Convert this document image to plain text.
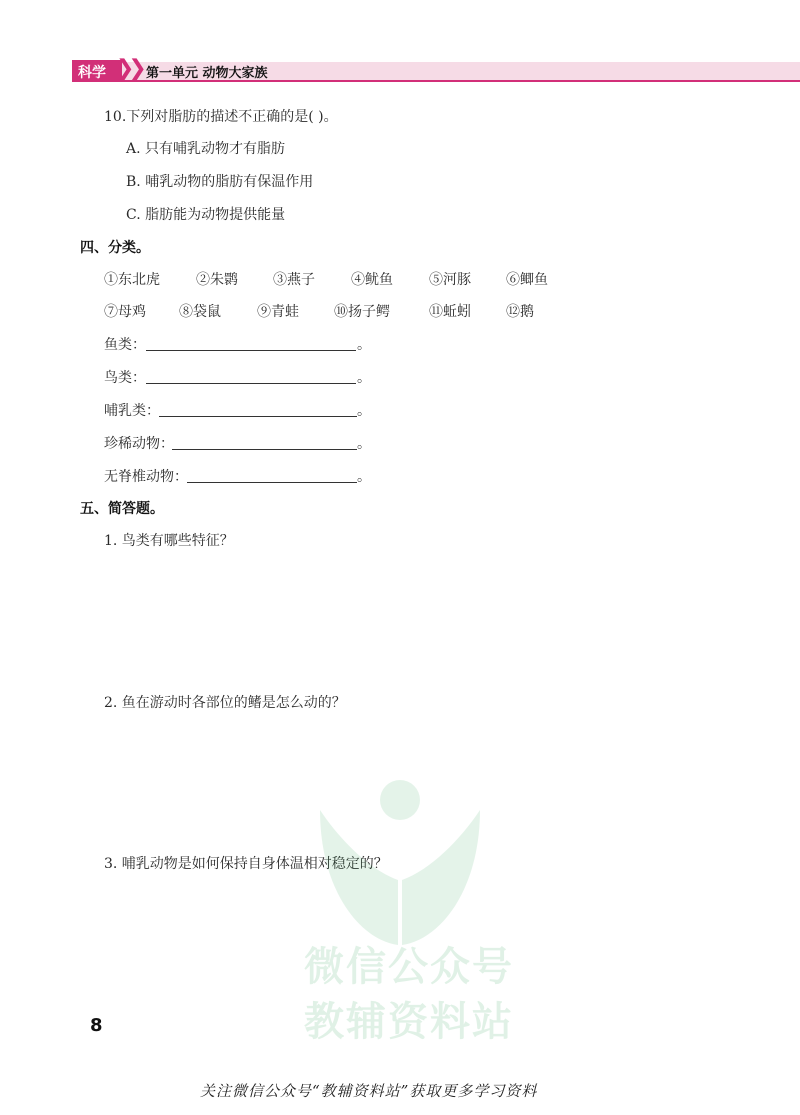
科学 ❯❯ 第一单元 动物大家族
10.下列对脂肪的描述不正确的是( )。
A. 只有哺乳动物才有脂肪
B. 哺乳动物的脂肪有保温作用
C. 脂肪能为动物提供能量
四、分类。
①东北虎	②朱鹮	③燕子	④鱿鱼	⑤河豚	⑥鲫鱼
⑦母鸡 ⑧袋鼠	⑨青蛙	⑩扬子鳄	⑪蚯蚓	⑫鹅
鱼类：	。
鸟类：	。
哺乳类：	。
珍稀动物：	。
无脊椎动物：	。
五、简答题。
1. 鸟类有哪些特征？
2. 鱼在游动时各部位的鳍是怎么动的？
3. 哺乳动物是如何保持自身体温相对稳定的？
微信公众号
教辅资料站
8
关注微信公众号“教辅资料站”获取更多学习资料
